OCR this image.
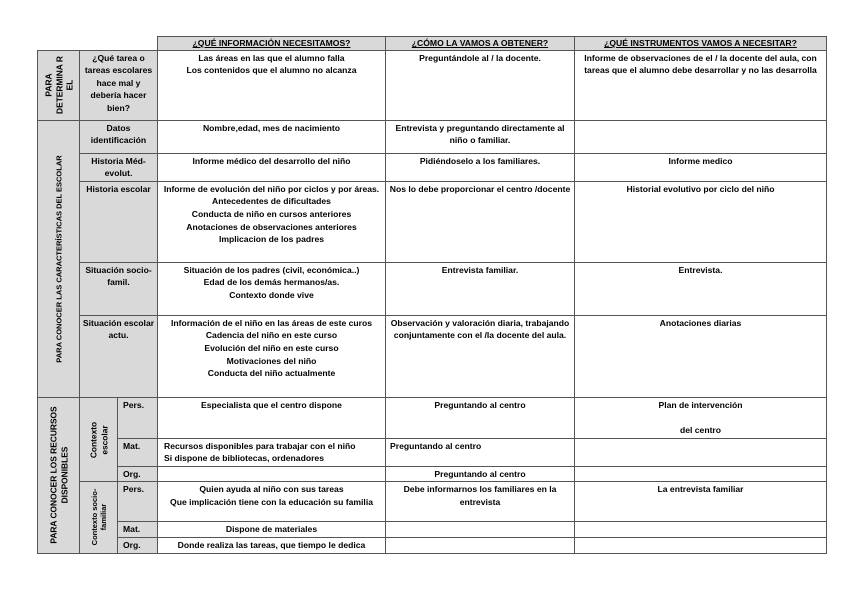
			¿QUÉ INFORMACIÓN NECESITAMOS?	¿CÓMO LA VAMOS A OBTENER?	¿QUÉ INSTRUMENTOS VAMOS A NECESITAR?

PARA DETERMINA R EL	¿Qué tarea o tareas escolares hace mal y debería hacer bien?		Las áreas en las que el alumno falla
Los contenidos que el alumno no alcanza	Preguntándole al / la docente.	Informe de observaciones de el / la docente del aula, con tareas que el alumno debe desarrollar y no las desarrolla

PARA CONOCER LAS CARACTERÍSTICAS DEL ESCOLAR	Datos identificación		Nombre,edad, mes de nacimiento	Entrevista y preguntando directamente al niño o familiar.	

	Historia Méd-evolut.		Informe médico del desarrollo del niño	Pidiéndoselo a los familiares.	Informe medico

	Historia escolar		Informe de evolución del niño por ciclos y por áreas.
Antecedentes de dificultades
Conducta de niño en cursos anteriores
Anotaciones de observaciones anteriores
Implicacion de los padres	Nos lo debe proporcionar el centro /docente	Historial evolutivo por ciclo del niño

	Situación socio-famil.		Situación de los padres (civil, económica..)
Edad de los demás hermanos/as.
Contexto donde vive	Entrevista familiar.	Entrevista.

	Situación escolar actu.		Información de el niño en las áreas de este curos
Cadencia del niño en este curso
Evolución del niño en este curso
Motivaciones del niño
Conducta del niño actualmente	Observación y valoración diaria, trabajando conjuntamente con el /la docente del aula.	Anotaciones diarias

PARA CONOCER LOS RECURSOS DISPONIBLES	Contexto escolar	Pers.	Especialista que el centro dispone	Preguntando al centro	Plan de intervención
del centro

		Mat.	Recursos disponibles para trabajar con el niño
Si dispone de bibliotecas, ordenadores	Preguntando al centro	

		Org.		Preguntando al centro	

	Contexto socio-familiar	Pers.	Quien ayuda al niño con sus tareas
Que implicación tiene con la educación su familia	Debe informarnos los familiares en la entrevista	La entrevista familiar

		Mat.	Dispone de materiales		

		Org.	Donde realiza las tareas, que tiempo le dedica		
